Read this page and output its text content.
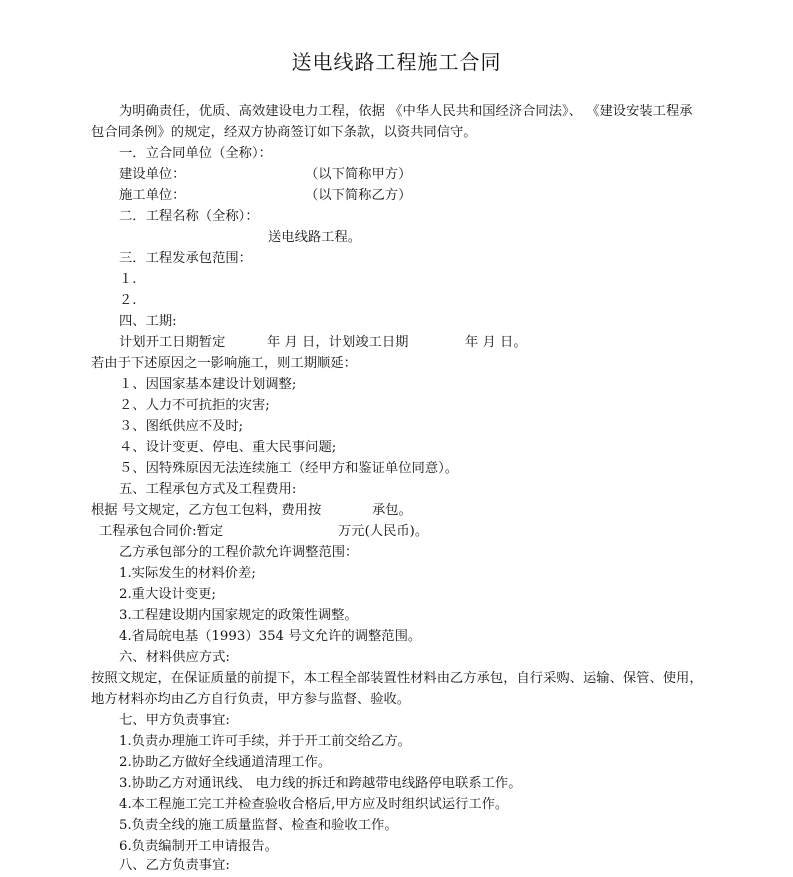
送电线路工程施工合同
为明确责任，优质、高效建设电力工程，依据 《中华人民共和国经济合同法》、 《建设安装工程承
包合同条例》的规定，经双方协商签订如下条款，以资共同信守。
一．立合同单位（全称）：
建设单位：	（以下简称甲方）
施工单位：	（以下简称乙方）
二．工程名称（全称）：
送电线路工程。
三．工程发承包范围：
１.
２.
四、工期:
计划开工日期暂定	年 月 日，计划竣工日期	年 月 日。
若由于下述原因之一影响施工，则工期顺延：
１、因国家基本建设计划调整;
２、人力不可抗拒的灾害;
３、图纸供应不及时;
４、设计变更、停电、重大民事问题;
５、因特殊原因无法连续施工（经甲方和鉴证单位同意）。
五、工程承包方式及工程费用:
根据 号文规定，乙方包工包料，费用按	承包。
工程承包合同价:暂定	万元(人民币)。
乙方承包部分的工程价款允许调整范围：
1.实际发生的材料价差;
2.重大设计变更;
3.工程建设期内国家规定的政策性调整。
4.省局皖电基（1993）354 号文允许的调整范围。
六、材料供应方式:
按照文规定，在保证质量的前提下，本工程全部装置性材料由乙方承包，自行采购、运输、保管、使用，
地方材料亦均由乙方自行负责，甲方参与监督、验收。
七、甲方负责事宜:
1.负责办理施工许可手续，并于开工前交给乙方。
2.协助乙方做好全线通道清理工作。
3.协助乙方对通讯线、 电力线的拆迁和跨越带电线路停电联系工作。
4.本工程施工完工并检查验收合格后,甲方应及时组织试运行工作。
5.负责全线的施工质量监督、检查和验收工作。
6.负责编制开工申请报告。
八、乙方负责事宜:
